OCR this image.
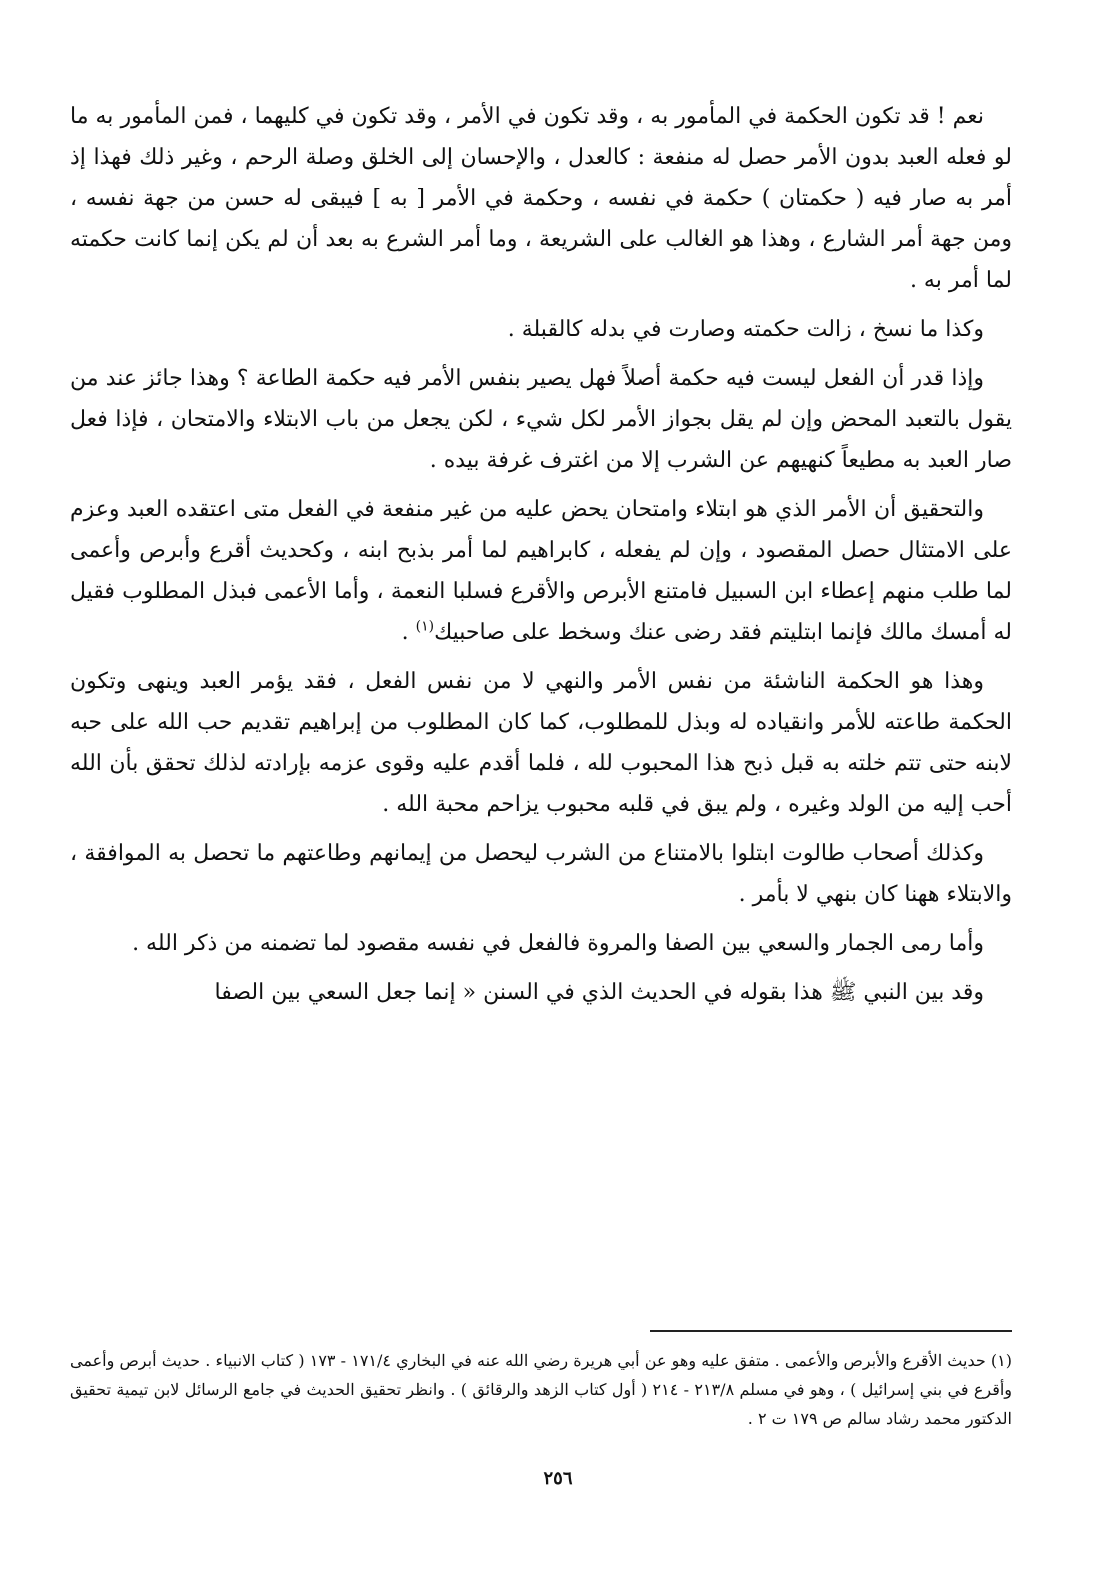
نعم ! قد تكون الحكمة في المأمور به ، وقد تكون في الأمر ، وقد تكون في كليهما ، فمن المأمور به ما لو فعله العبد بدون الأمر حصل له منفعة : كالعدل ، والإحسان إلى الخلق وصلة الرحم ، وغير ذلك فهذا إذ أمر به صار فيه ( حكمتان ) حكمة في نفسه ، وحكمة في الأمر [ به ] فيبقى له حسن من جهة نفسه ، ومن جهة أمر الشارع ، وهذا هو الغالب على الشريعة ، وما أمر الشرع به بعد أن لم يكن إنما كانت حكمته لما أمر به .

وكذا ما نسخ ، زالت حكمته وصارت في بدله كالقبلة .

وإذا قدر أن الفعل ليست فيه حكمة أصلاً فهل يصير بنفس الأمر فيه حكمة الطاعة ؟ وهذا جائز عند من يقول بالتعبد المحض وإن لم يقل بجواز الأمر لكل شيء ، لكن يجعل من باب الابتلاء والامتحان ، فإذا فعل صار العبد به مطيعاً كنهيهم عن الشرب إلا من اغترف غرفة بيده .

والتحقيق أن الأمر الذي هو ابتلاء وامتحان يحض عليه من غير منفعة في الفعل متى اعتقده العبد وعزم على الامتثال حصل المقصود ، وإن لم يفعله ، كابراهيم لما أمر بذبح ابنه ، وكحديث أقرع وأبرص وأعمى لما طلب منهم إعطاء ابن السبيل فامتنع الأبرص والأقرع فسلبا النعمة ، وأما الأعمى فبذل المطلوب فقيل له أمسك مالك فإنما ابتليتم فقد رضى عنك وسخط على صاحبيك$^{(١)}$ .

وهذا هو الحكمة الناشئة من نفس الأمر والنهي لا من نفس الفعل ، فقد يؤمر العبد وينهى وتكون الحكمة طاعته للأمر وانقياده له وبذل للمطلوب، كما كان المطلوب من إبراهيم تقديم حب الله على حبه لابنه حتى تتم خلته به قبل ذبح هذا المحبوب لله ، فلما أقدم عليه وقوى عزمه بإرادته لذلك تحقق بأن الله أحب إليه من الولد وغيره ، ولم يبق في قلبه محبوب يزاحم محبة الله .

وكذلك أصحاب طالوت ابتلوا بالامتناع من الشرب ليحصل من إيمانهم وطاعتهم ما تحصل به الموافقة ، والابتلاء ههنا كان بنهي لا بأمر .

وأما رمى الجمار والسعي بين الصفا والمروة فالفعل في نفسه مقصود لما تضمنه من ذكر الله .

وقد بين النبي ﷺ هذا بقوله في الحديث الذي في السنن « إنما جعل السعي بين الصفا

(١) حديث الأقرع والأبرص والأعمى . متفق عليه وهو عن أبي هريرة رضي الله عنه في البخاري ١٧١/٤ - ١٧٣ ( كتاب الانبياء . حديث أبرص وأعمى وأقرع في بني إسرائيل ) ، وهو في مسلم ٢١٣/٨ - ٢١٤ ( أول كتاب الزهد والرقائق ) . وانظر تحقيق الحديث في جامع الرسائل لابن تيمية تحقيق الدكتور محمد رشاد سالم ص ١٧٩ ت ٢ .

٢٥٦
